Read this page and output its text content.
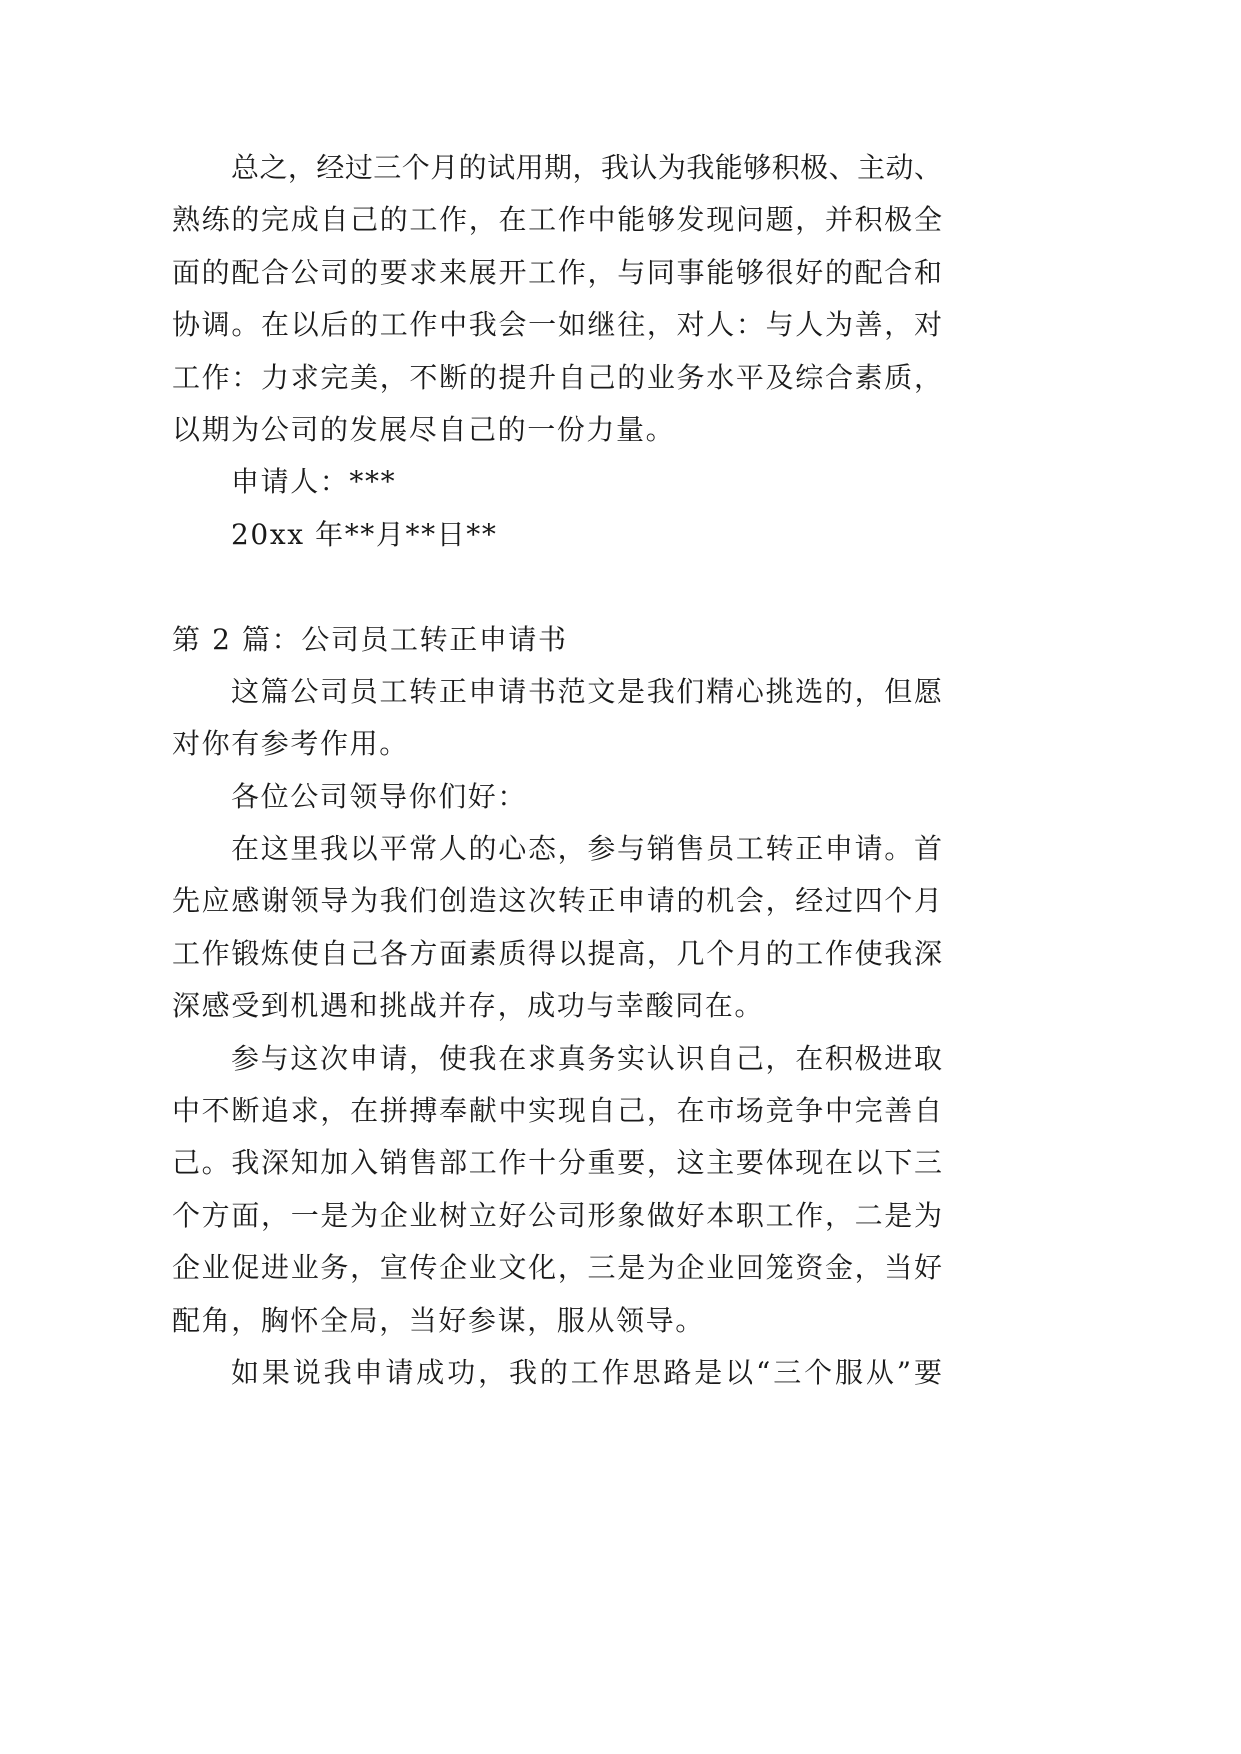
总之，经过三个月的试用期，我认为我能够积极、主动、
熟练的完成自己的工作，在工作中能够发现问题，并积极全
面的配合公司的要求来展开工作，与同事能够很好的配合和
协调。在以后的工作中我会一如继往，对人：与人为善，对
工作：力求完美，不断的提升自己的业务水平及综合素质，
以期为公司的发展尽自己的一份力量。
申请人：***
20xx 年**月**日**
第 2 篇：公司员工转正申请书
这篇公司员工转正申请书范文是我们精心挑选的，但愿
对你有参考作用。
各位公司领导你们好：
在这里我以平常人的心态，参与销售员工转正申请。首
先应感谢领导为我们创造这次转正申请的机会，经过四个月
工作锻炼使自己各方面素质得以提高，几个月的工作使我深
深感受到机遇和挑战并存，成功与幸酸同在。
参与这次申请，使我在求真务实认识自己，在积极进取
中不断追求，在拼搏奉献中实现自己，在市场竞争中完善自
己。我深知加入销售部工作十分重要，这主要体现在以下三
个方面，一是为企业树立好公司形象做好本职工作，二是为
企业促进业务，宣传企业文化，三是为企业回笼资金，当好
配角，胸怀全局，当好参谋，服从领导。
如果说我申请成功，我的工作思路是以“三个服从”要
